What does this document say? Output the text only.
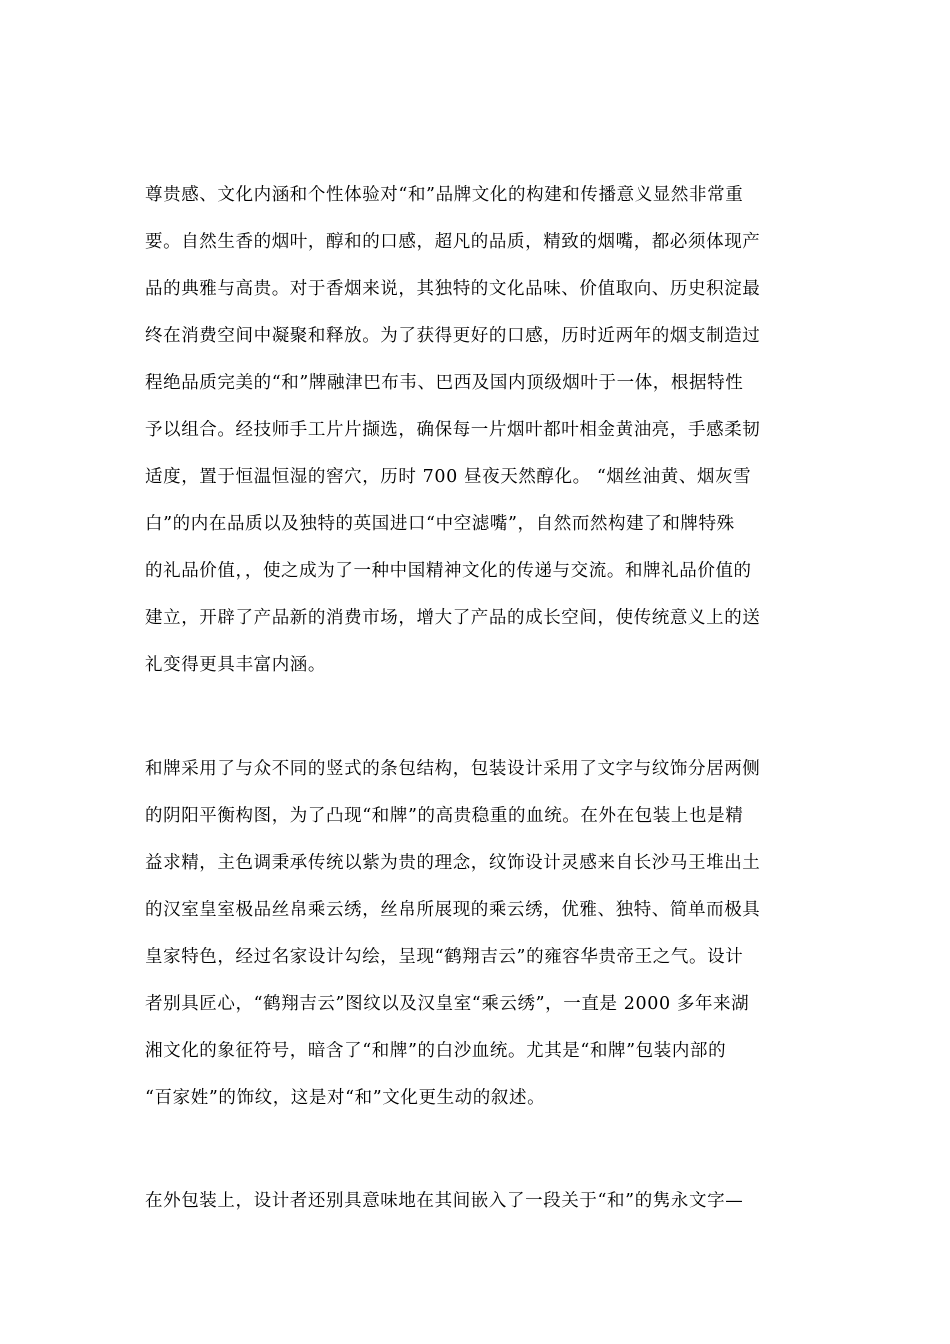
尊贵感、文化内涵和个性体验对“和”品牌文化的构建和传播意义显然非常重
要。自然生香的烟叶，醇和的口感，超凡的品质，精致的烟嘴，都必须体现产
品的典雅与高贵。对于香烟来说，其独特的文化品味、价值取向、历史积淀最
终在消费空间中凝聚和释放。为了获得更好的口感，历时近两年的烟支制造过
程绝品质完美的“和”牌融津巴布韦、巴西及国内顶级烟叶于一体，根据特性
予以组合。经技师手工片片撷选，确保每一片烟叶都叶相金黄油亮，手感柔韧
适度，置于恒温恒湿的窖穴，历时 700 昼夜天然醇化。 “烟丝油黄、烟灰雪
白”的内在品质以及独特的英国进口“中空滤嘴”，自然而然构建了和牌特殊
的礼品价值，，使之成为了一种中国精神文化的传递与交流。和牌礼品价值的
建立，开辟了产品新的消费市场，增大了产品的成长空间，使传统意义上的送
礼变得更具丰富内涵。
和牌采用了与众不同的竖式的条包结构，包装设计采用了文字与纹饰分居两侧
的阴阳平衡构图，为了凸现“和牌”的高贵稳重的血统。在外在包装上也是精
益求精，主色调秉承传统以紫为贵的理念，纹饰设计灵感来自长沙马王堆出土
的汉室皇室极品丝帛乘云绣，丝帛所展现的乘云绣，优雅、独特、简单而极具
皇家特色，经过名家设计勾绘，呈现“鹤翔吉云”的雍容华贵帝王之气。设计
者别具匠心，“鹤翔吉云”图纹以及汉皇室“乘云绣”，一直是 2000 多年来湖
湘文化的象征符号，暗含了“和牌”的白沙血统。尤其是“和牌”包装内部的
“百家姓”的饰纹，这是对“和”文化更生动的叙述。
在外包装上，设计者还别具意味地在其间嵌入了一段关于“和”的隽永文字—
